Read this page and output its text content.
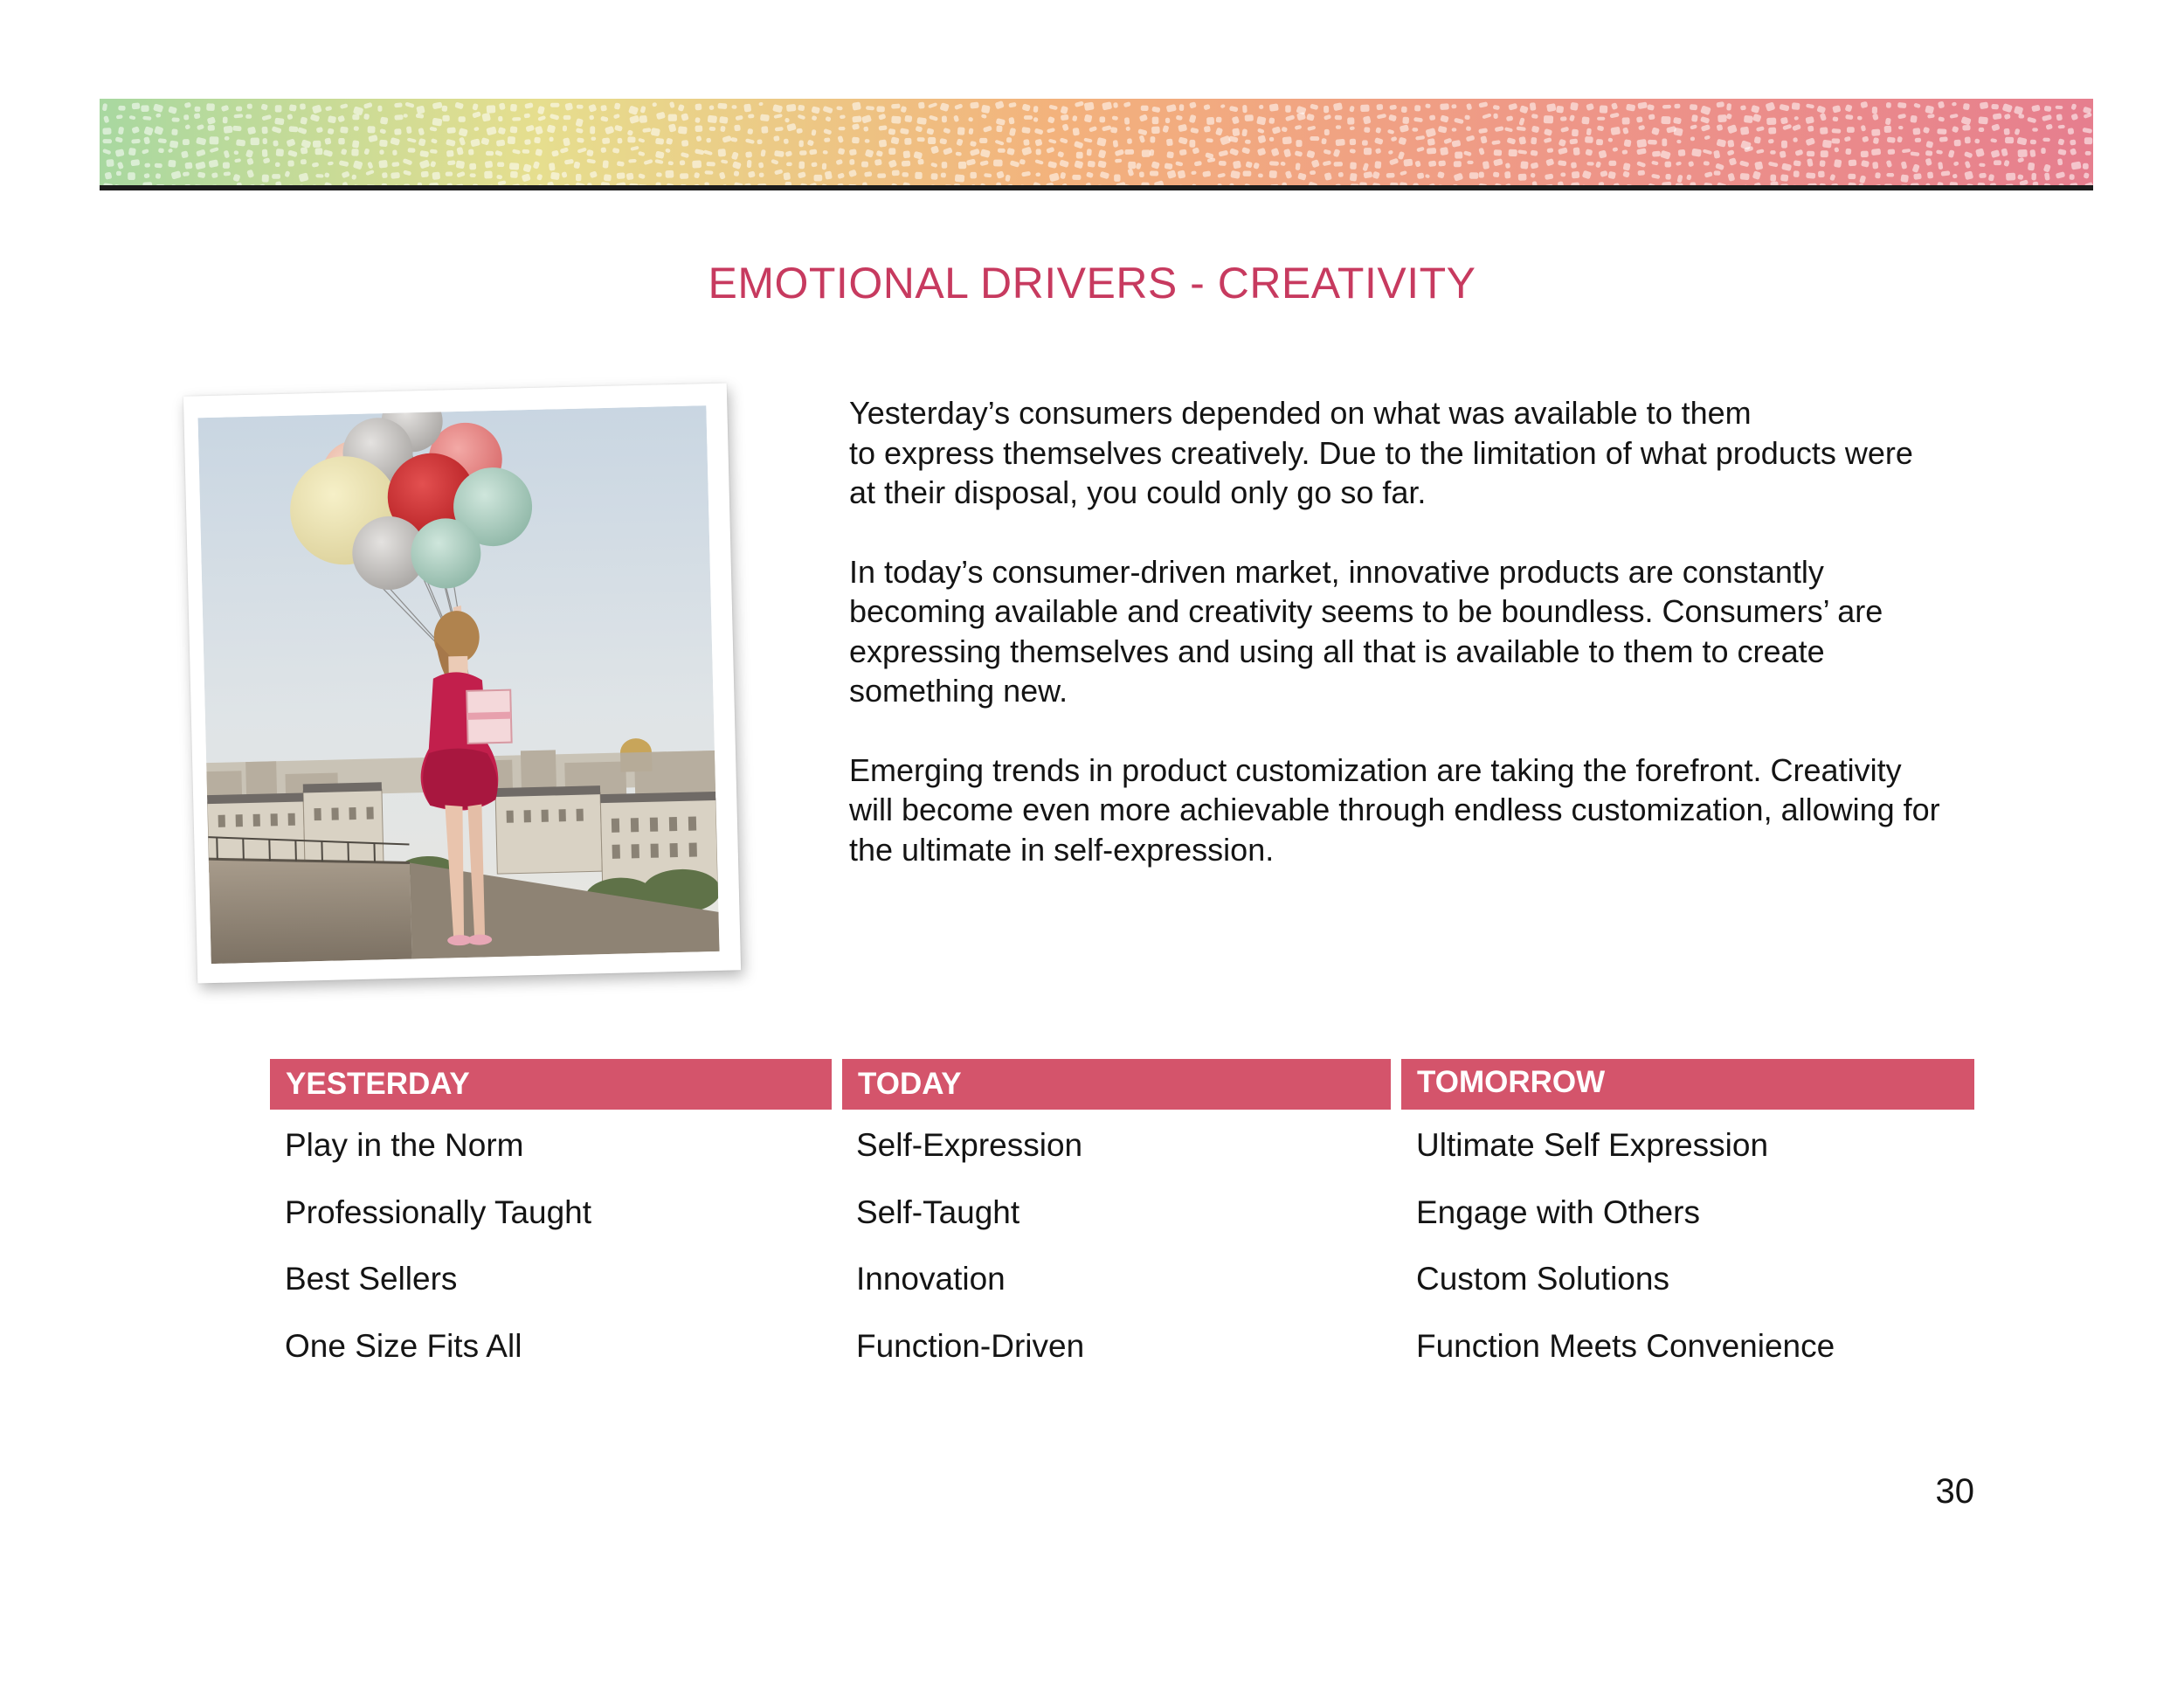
EMOTIONAL DRIVERS - CREATIVITY

Yesterday’s consumers depended on what was available to them
to express themselves creatively. Due to the limitation of what products were
at their disposal, you could only go so far.

In today’s consumer-driven market, innovative products are constantly
becoming available and creativity seems to be boundless. Consumers’ are
expressing themselves and using all that is available to them to create
something new.

Emerging trends in product customization are taking the forefront. Creativity
will become even more achievable through endless customization, allowing for
the ultimate in self-expression.

YESTERDAY	TODAY	TOMORROW
Play in the Norm
Professionally Taught
Best Sellers
One Size Fits All
Self-Expression
Self-Taught
Innovation
Function-Driven
Ultimate Self Expression
Engage with Others
Custom Solutions
Function Meets Convenience
30
